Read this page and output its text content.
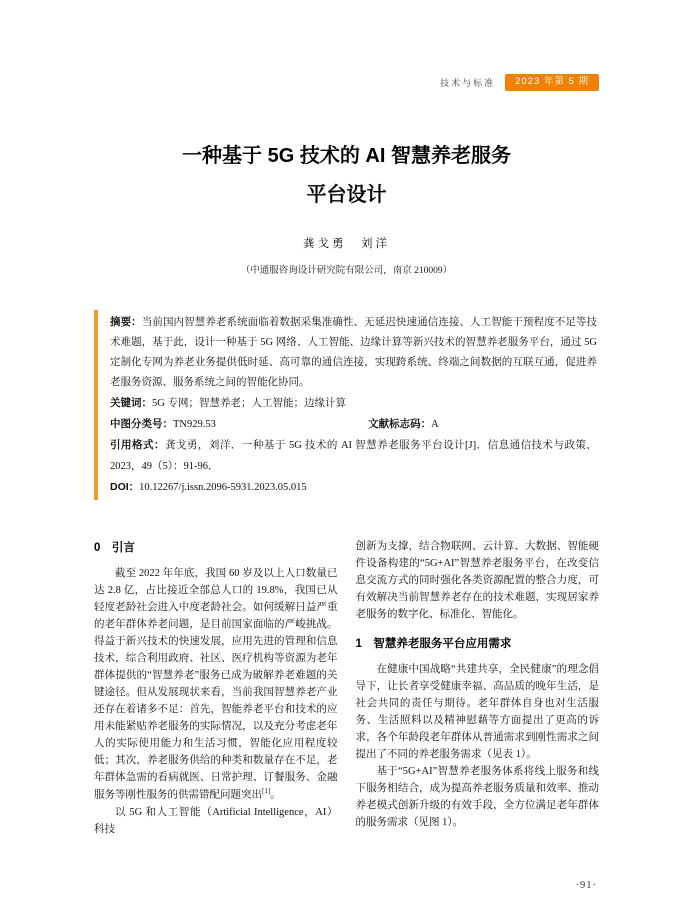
技术与标准	2023 年第 5 期
一种基于 5G 技术的 AI 智慧养老服务
平台设计
龚戈勇　刘洋
（中通服咨询设计研究院有限公司，南京 210009）

摘要：当前国内智慧养老系统面临着数据采集准确性、无延迟快速通信连接、人工智能干预程度不足等技术难题，基于此，设计一种基于 5G 网络、人工智能、边缘计算等新兴技术的智慧养老服务平台，通过 5G 定制化专网为养老业务提供低时延、高可靠的通信连接，实现跨系统、终端之间数据的互联互通，促进养老服务资源、服务系统之间的智能化协同。

关键词：5G 专网；智慧养老；人工智能；边缘计算

中图分类号：TN929.53	文献标志码：A

引用格式：龚戈勇，刘洋．一种基于 5G 技术的 AI 智慧养老服务平台设计[J]．信息通信技术与政策，2023，49（5）：91-96．

DOI：10.12267/j.issn.2096-5931.2023.05.015

0　引言

截至 2022 年年底，我国 60 岁及以上人口数量已达 2.8 亿，占比接近全部总人口的 19.8%，我国已从轻度老龄社会进入中度老龄社会。如何缓解日益严重的老年群体养老问题，是目前国家面临的严峻挑战。得益于新兴技术的快速发展，应用先进的管理和信息技术，综合利用政府、社区、医疗机构等资源为老年群体提供的“智慧养老”服务已成为破解养老难题的关键途径。但从发展现状来看，当前我国智慧养老产业还存在着诸多不足：首先，智能养老平台和技术的应用未能紧贴养老服务的实际情况，以及充分考虑老年人的实际使用能力和生活习惯，智能化应用程度较低；其次，养老服务供给的种类和数量存在不足，老年群体急需的看病就医、日常护理、订餐服务、金融服务等刚性服务的供需错配问题突出[1]。

以 5G 和人工智能（Artificial Intelligence，AI）科技

创新为支撑，结合物联网、云计算、大数据、智能硬件设备构建的“5G+AI”智慧养老服务平台，在改变信息交流方式的同时强化各类资源配置的整合力度，可有效解决当前智慧养老存在的技术难题，实现居家养老服务的数字化、标准化、智能化。

1　智慧养老服务平台应用需求

在健康中国战略“共建共享，全民健康”的理念倡导下，让长者享受健康幸福、高品质的晚年生活，是社会共同的责任与期待。老年群体自身也对生活服务、生活照料以及精神慰藉等方面提出了更高的诉求，各个年龄段老年群体从普通需求到刚性需求之间提出了不同的养老服务需求（见表 1）。

基于“5G+AI”智慧养老服务体系将线上服务和线下服务相结合，成为提高养老服务质量和效率、推动养老模式创新升级的有效手段，全方位满足老年群体的服务需求（见图 1）。

·91·
